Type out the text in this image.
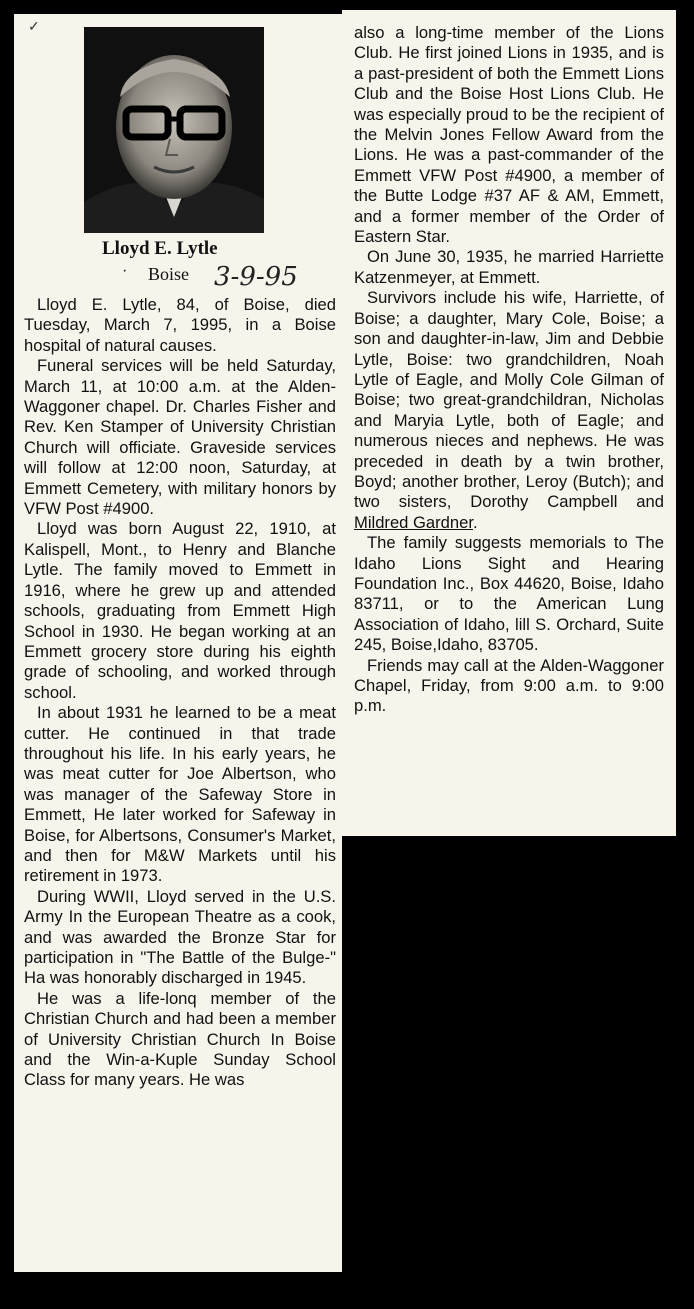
✓
Lloyd E. Lytle
· Boise 3-9-95

Lloyd E. Lytle, 84, of Boise, died Tuesday, March 7, 1995, in a Boise hospital of natural causes.

Funeral services will be held Saturday, March 11, at 10:00 a.m. at the Alden-Waggoner chapel. Dr. Charles Fisher and Rev. Ken Stamper of University Christian Church will officiate. Graveside services will follow at 12:00 noon, Saturday, at Emmett Cemetery, with military honors by VFW Post #4900.

Lloyd was born August 22, 1910, at Kalispell, Mont., to Henry and Blanche Lytle. The family moved to Emmett in 1916, where he grew up and attended schools, graduating from Emmett High School in 1930. He began working at an Emmett grocery store during his eighth grade of schooling, and worked through school.

In about 1931 he learned to be a meat cutter. He continued in that trade throughout his life. In his early years, he was meat cutter for Joe Albertson, who was manager of the Safeway Store in Emmett, He later worked for Safeway in Boise, for Albertsons, Consumer's Market, and then for M&W Markets until his retirement in 1973.

During WWII, Lloyd served in the U.S. Army In the European Theatre as a cook, and was awarded the Bronze Star for participation in "The Battle of the Bulge-" Ha was honorably discharged in 1945.

He was a life-lonq member of the Christian Church and had been a member of University Christian Church In Boise and the Win-a-Kuple Sunday School Class for many years. He was

also a long-time member of the Lions Club. He first joined Lions in 1935, and is a past-president of both the Emmett Lions Club and the Boise Host Lions Club. He was especially proud to be the recipient of the Melvin Jones Fellow Award from the Lions. He was a past-commander of the Emmett VFW Post #4900, a member of the Butte Lodge #37 AF & AM, Emmett, and a former member of the Order of Eastern Star.

On June 30, 1935, he married Harriette Katzenmeyer, at Emmett.

Survivors include his wife, Harriette, of Boise; a daughter, Mary Cole, Boise; a son and daughter-in-law, Jim and Debbie Lytle, Boise: two grandchildren, Noah Lytle of Eagle, and Molly Cole Gilman of Boise; two great-grandchildran, Nicholas and Maryia Lytle, both of Eagle; and numerous nieces and nephews. He was preceded in death by a twin brother, Boyd; another brother, Leroy (Butch); and two sisters, Dorothy Campbell and Mildred Gardner.

The family suggests memorials to The Idaho Lions Sight and Hearing Foundation Inc., Box 44620, Boise, Idaho 83711, or to the American Lung Association of Idaho, lill S. Orchard, Suite 245, Boise,Idaho, 83705.

Friends may call at the Alden-Waggoner Chapel, Friday, from 9:00 a.m. to 9:00 p.m.
